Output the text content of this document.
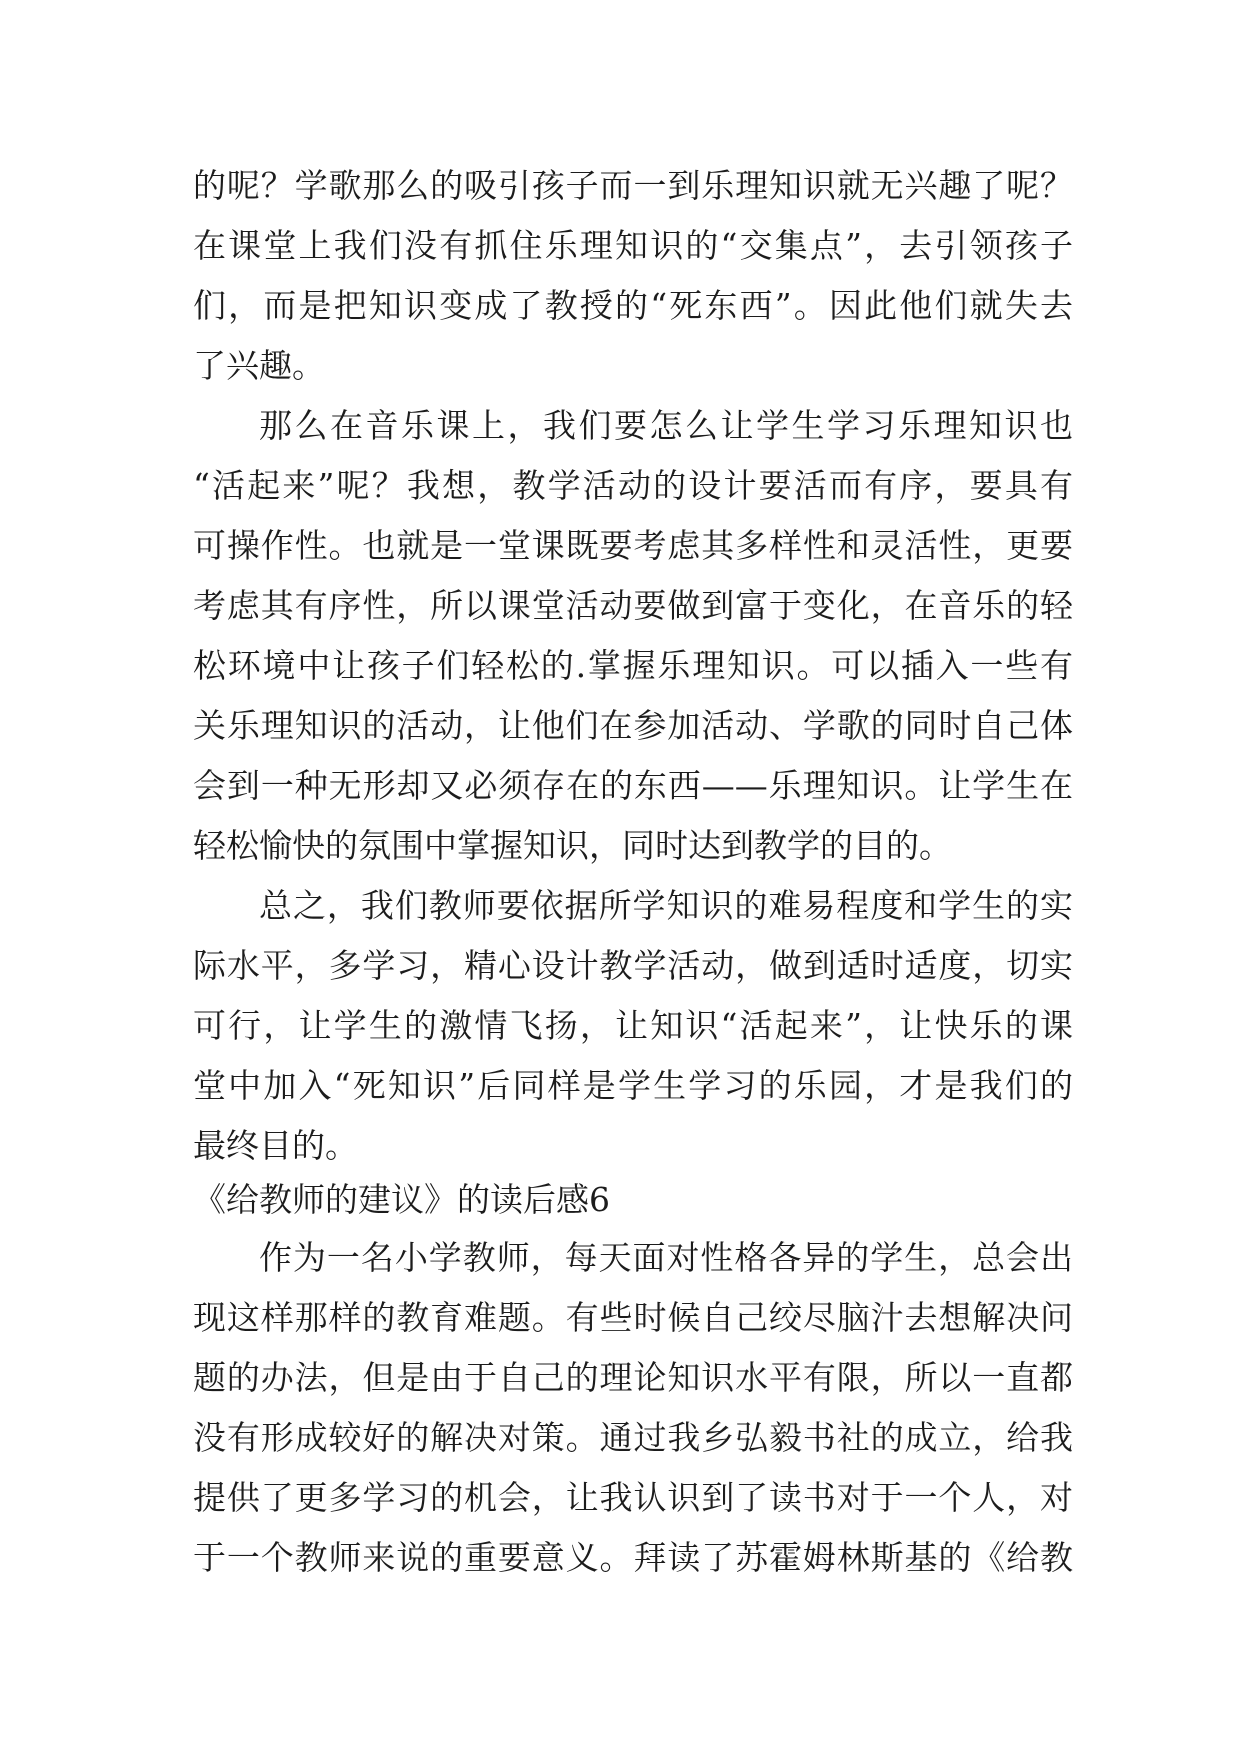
的呢？学歌那么的吸引孩子而一到乐理知识就无兴趣了呢？
在课堂上我们没有抓住乐理知识的“交集点”，去引领孩子
们，而是把知识变成了教授的“死东西”。因此他们就失去
了兴趣。
那么在音乐课上，我们要怎么让学生学习乐理知识也
“活起来”呢？我想，教学活动的设计要活而有序，要具有
可操作性。也就是一堂课既要考虑其多样性和灵活性，更要
考虑其有序性，所以课堂活动要做到富于变化，在音乐的轻
松环境中让孩子们轻松的.掌握乐理知识。可以插入一些有
关乐理知识的活动，让他们在参加活动、学歌的同时自己体
会到一种无形却又必须存在的东西——乐理知识。让学生在
轻松愉快的氛围中掌握知识，同时达到教学的目的。
总之，我们教师要依据所学知识的难易程度和学生的实
际水平，多学习，精心设计教学活动，做到适时适度，切实
可行，让学生的激情飞扬，让知识“活起来”，让快乐的课
堂中加入“死知识”后同样是学生学习的乐园，才是我们的
最终目的。
《给教师的建议》的读后感6
作为一名小学教师，每天面对性格各异的学生，总会出
现这样那样的教育难题。有些时候自己绞尽脑汁去想解决问
题的办法，但是由于自己的理论知识水平有限，所以一直都
没有形成较好的解决对策。通过我乡弘毅书社的成立，给我
提供了更多学习的机会，让我认识到了读书对于一个人，对
于一个教师来说的重要意义。拜读了苏霍姆林斯基的《给教
